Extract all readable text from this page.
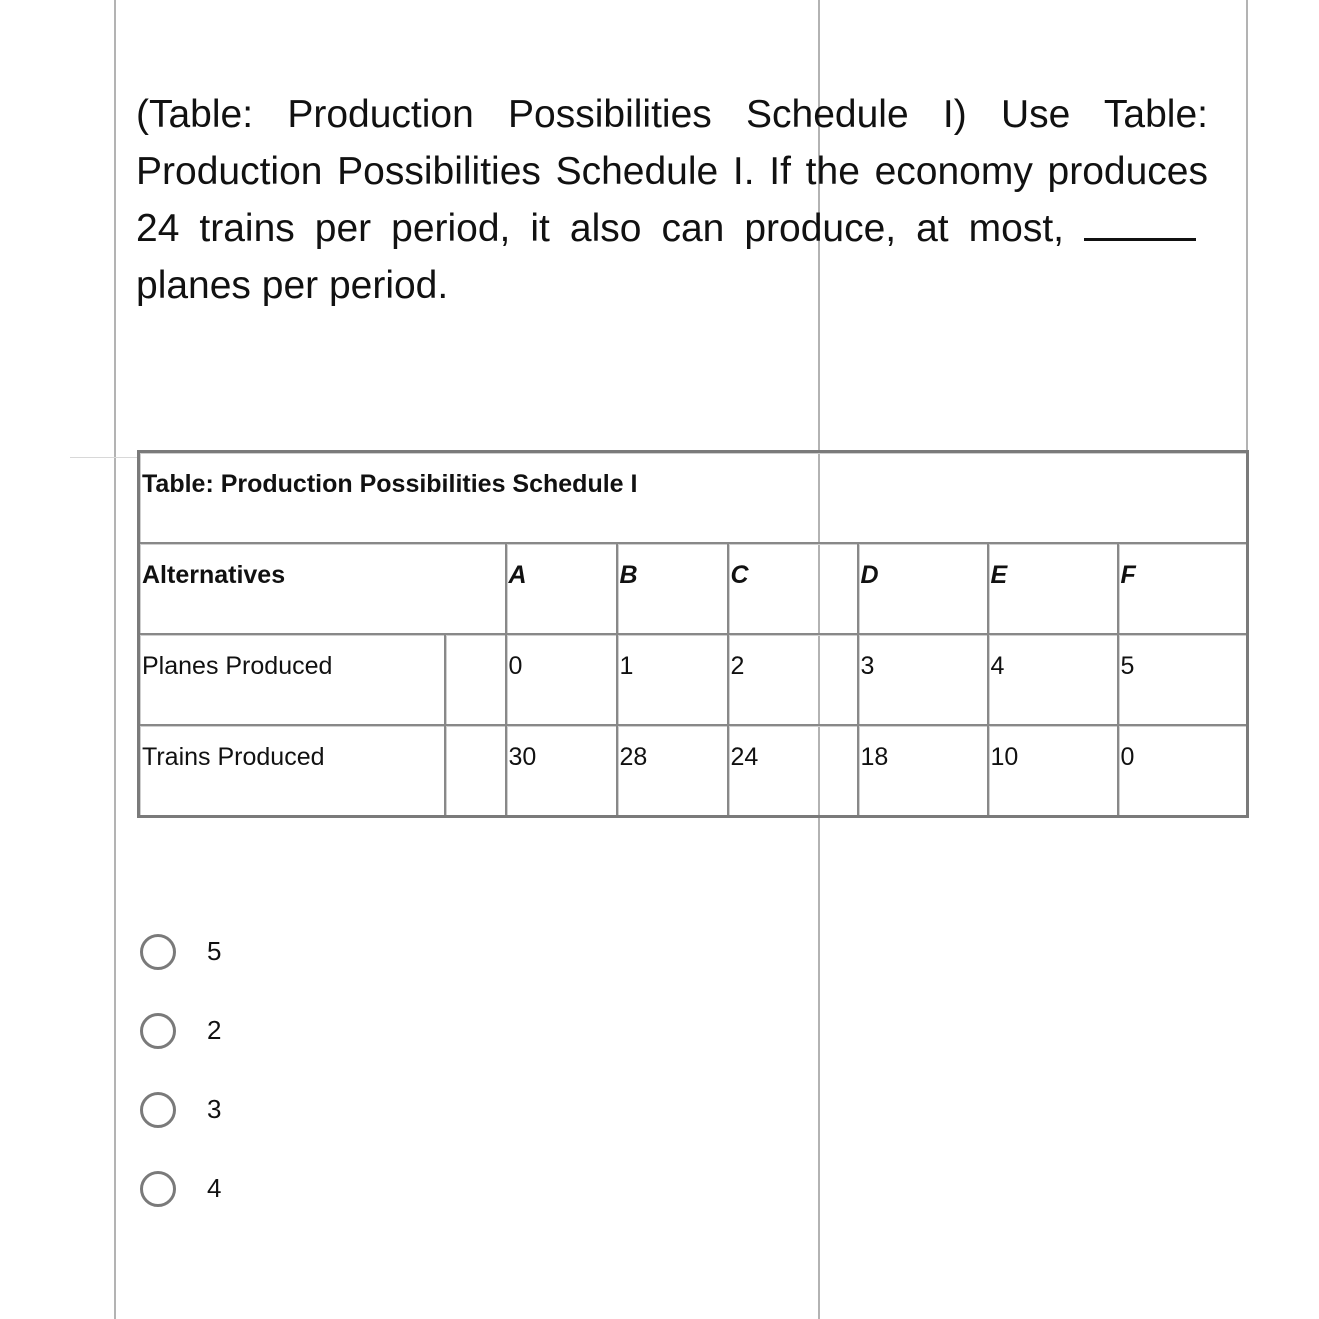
(Table: Production Possibilities Schedule I) Use Table: Production Possibilities Schedule I. If the economy produces 24 trains per period, it also can produce, at most, planes per period.

Table: Production Possibilities Schedule I							

Alternatives		A	B	C	D	E	F

Planes Produced		0	1	2	3	4	5

Trains Produced		30	28	24	18	10	0
5
2
3
4
